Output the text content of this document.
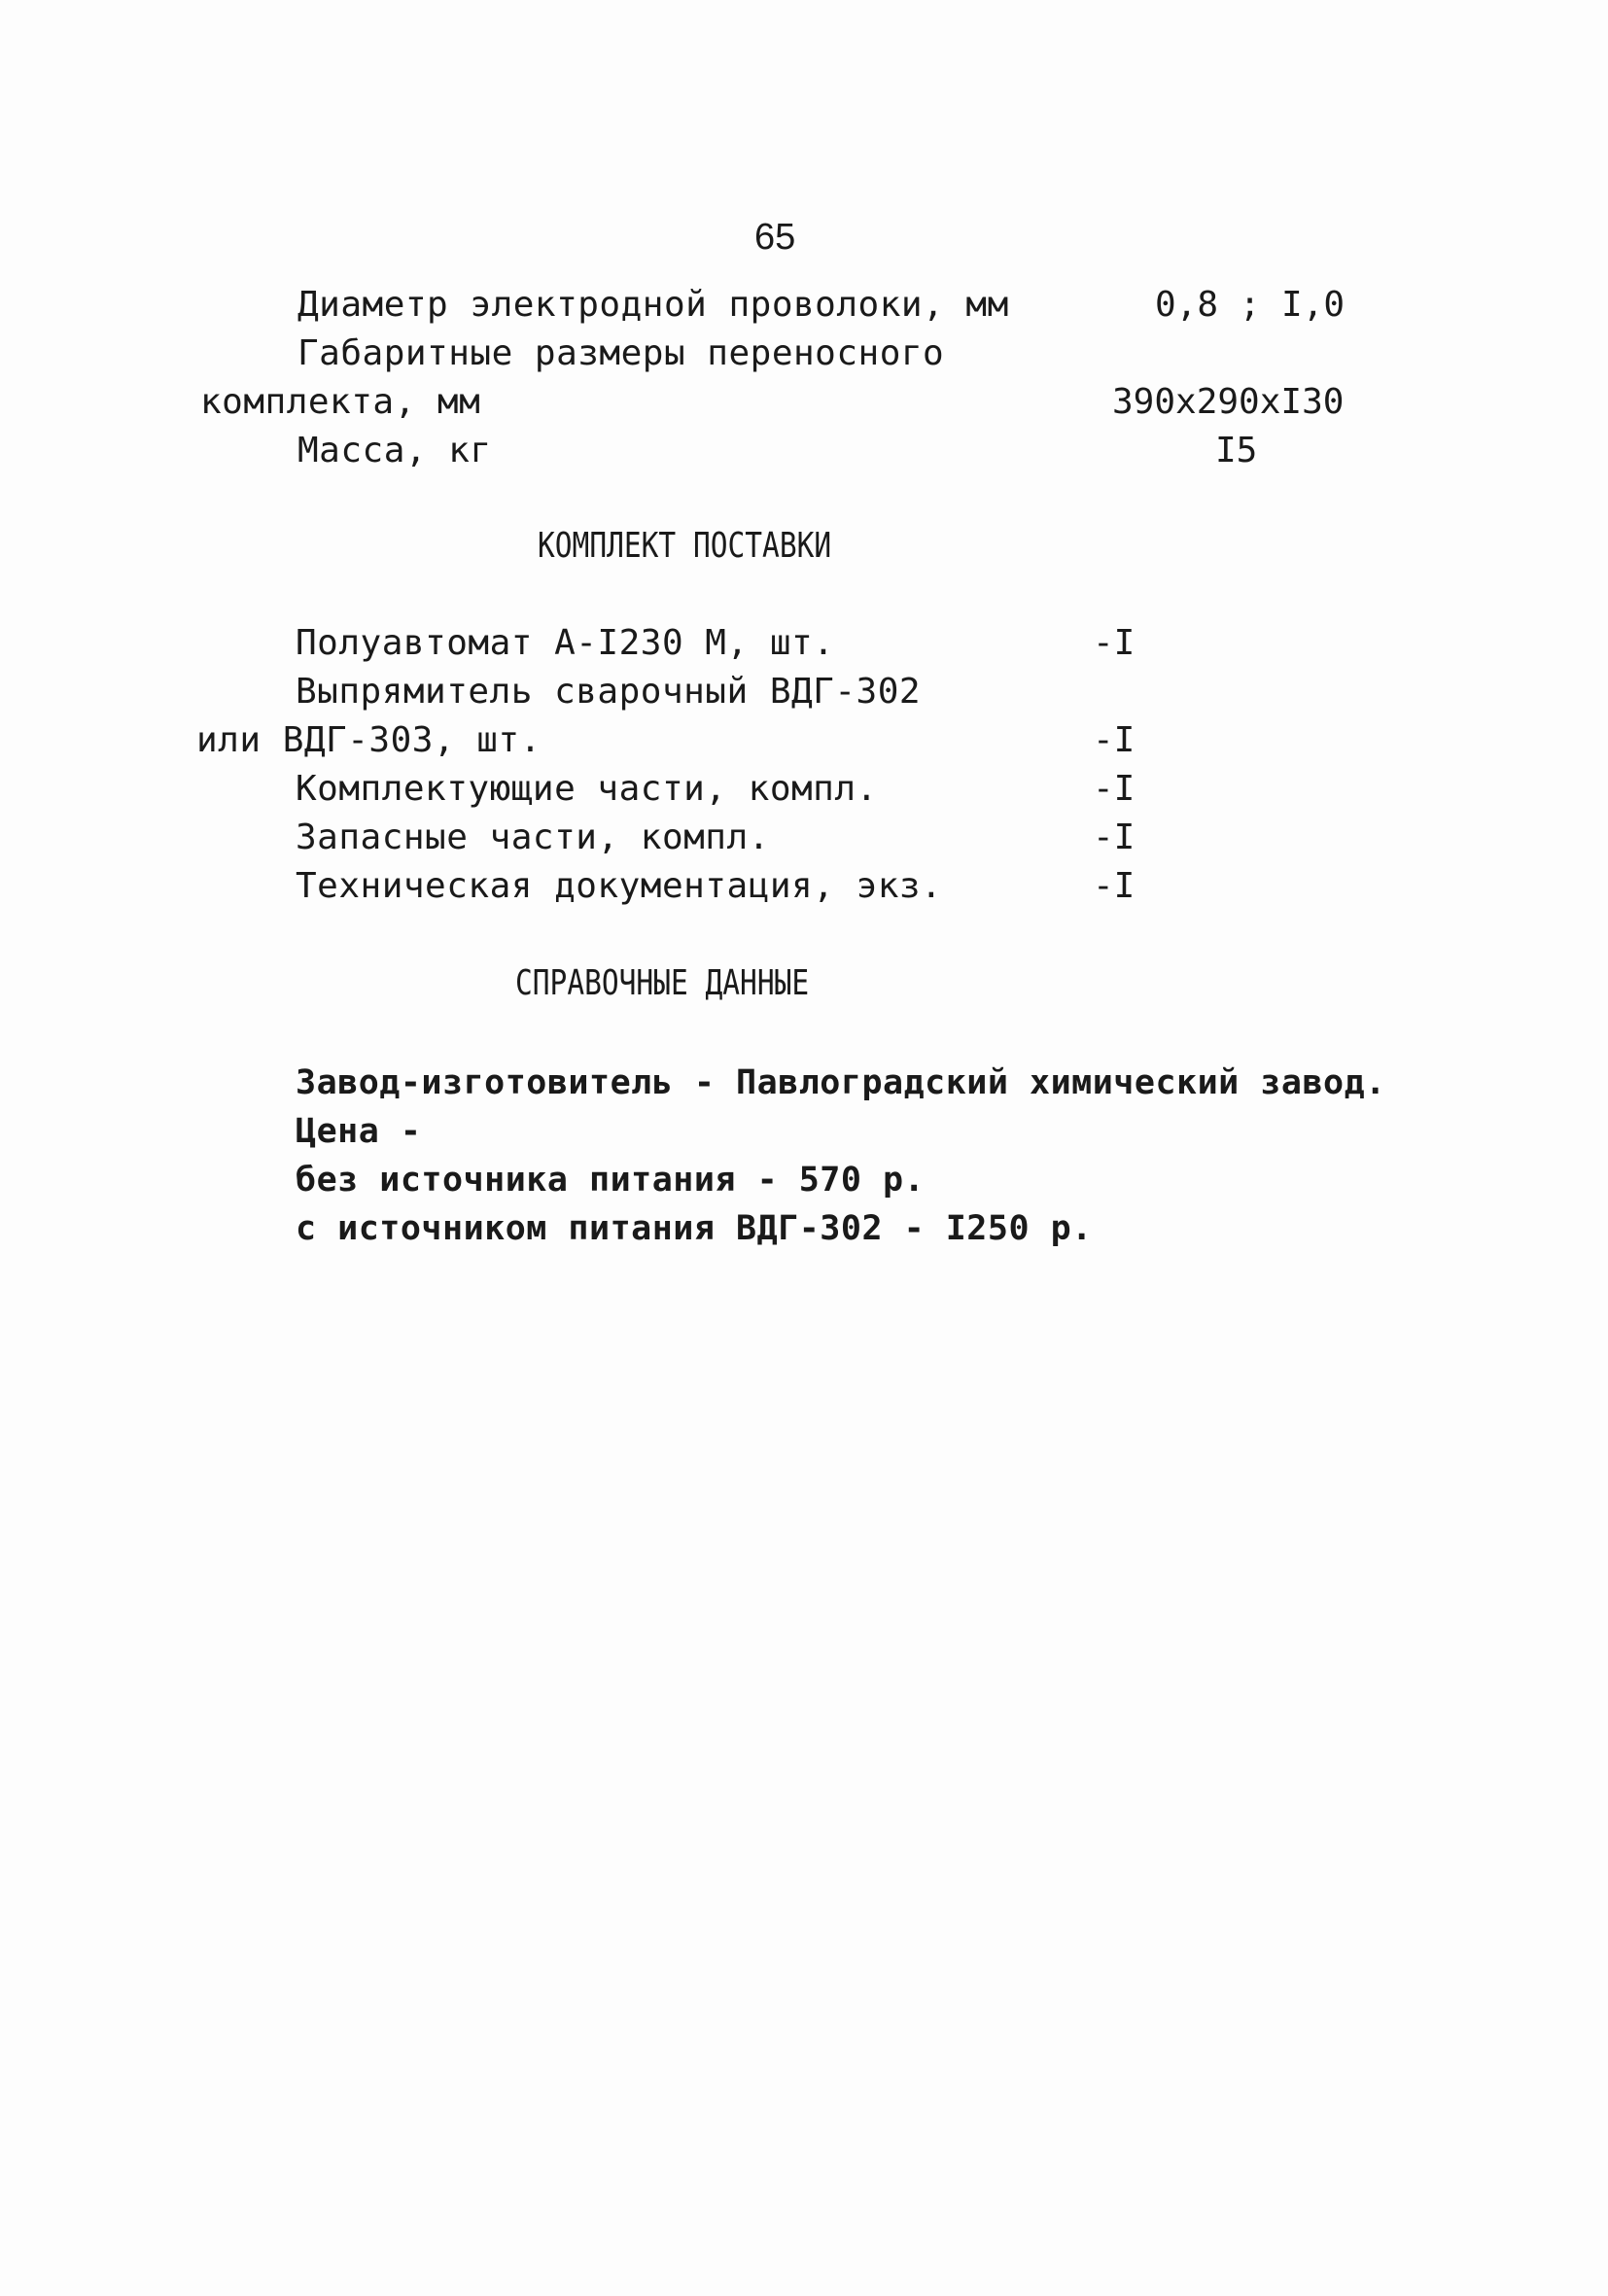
65
Диаметр электродной проволоки, мм	0,8 ; I,0
Габаритные размеры переносного
комплекта, мм	390х290хI30
Масса, кг	I5
КОМПЛЕКТ ПОСТАВКИ
Полуавтомат А-I230 М, шт.	-I
Выпрямитель сварочный ВДГ-302
или ВДГ-303, шт.	-I
Комплектующие части, компл.	-I
Запасные части, компл.	-I
Техническая документация, экз.	-I
СПРАВОЧНЫЕ ДАННЫЕ
Завод-изготовитель - Павлоградский химический завод.
Цена -
без источника питания - 570 р.
с источником питания ВДГ-302 - I250 р.
